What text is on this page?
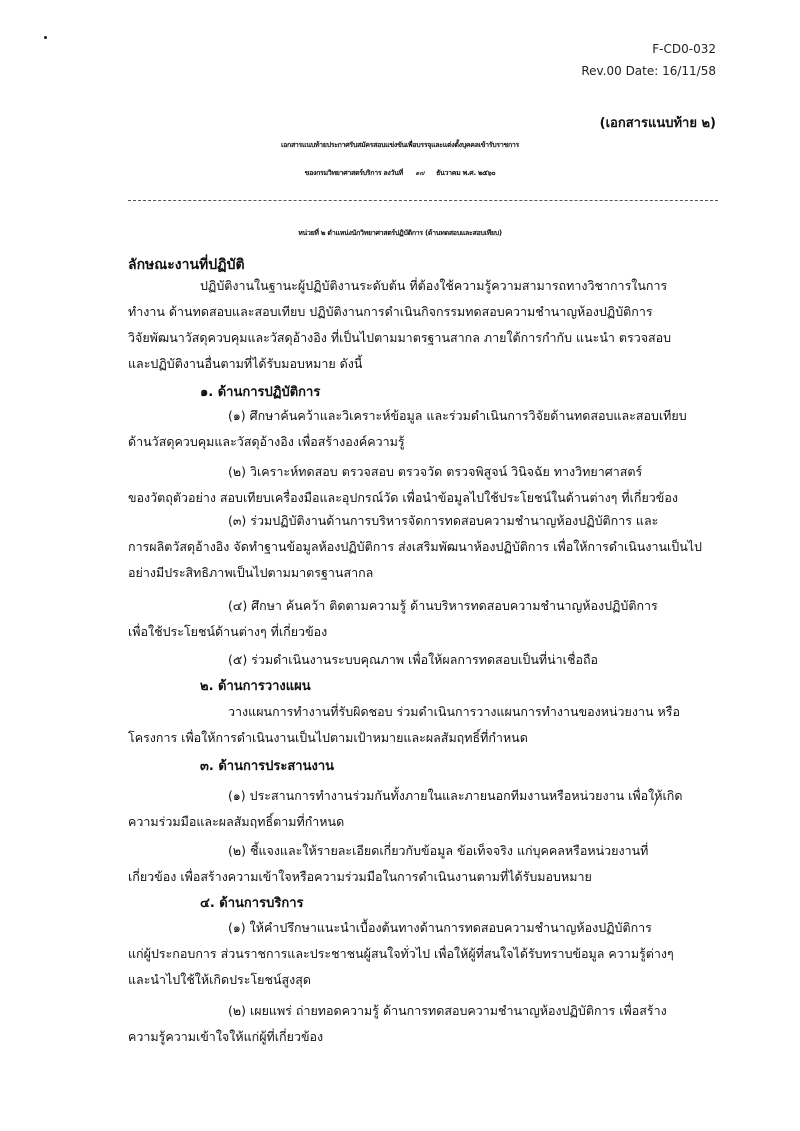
F-CD0-032
Rev.00 Date: 16/11/58
(เอกสารแนบท้าย ๒)
เอกสารแนบท้ายประกาศรับสมัครสอบแข่งขันเพื่อบรรจุและแต่งตั้งบุคคลเข้ารับราชการ
ของกรมวิทยาศาสตร์บริการ ลงวันที่ ๑๗ ธันวาคม พ.ศ. ๒๕๖๐
หน่วยที่ ๒ ตำแหน่งนักวิทยาศาสตร์ปฏิบัติการ (ด้านทดสอบและสอบเทียบ)
ลักษณะงานที่ปฏิบัติ
ปฏิบัติงานในฐานะผู้ปฏิบัติงานระดับต้น ที่ต้องใช้ความรู้ความสามารถทางวิชาการในการ
ทำงาน ด้านทดสอบและสอบเทียบ ปฏิบัติงานการดำเนินกิจกรรมทดสอบความชำนาญห้องปฏิบัติการ
วิจัยพัฒนาวัสดุควบคุมและวัสดุอ้างอิง ที่เป็นไปตามมาตรฐานสากล ภายใต้การกำกับ แนะนำ ตรวจสอบ
และปฏิบัติงานอื่นตามที่ได้รับมอบหมาย ดังนี้
๑. ด้านการปฏิบัติการ
(๑) ศึกษาค้นคว้าและวิเคราะห์ข้อมูล และร่วมดำเนินการวิจัยด้านทดสอบและสอบเทียบ
ด้านวัสดุควบคุมและวัสดุอ้างอิง เพื่อสร้างองค์ความรู้
(๒) วิเคราะห์ทดสอบ ตรวจสอบ ตรวจวัด ตรวจพิสูจน์ วินิจฉัย ทางวิทยาศาสตร์
ของวัตถุตัวอย่าง สอบเทียบเครื่องมือและอุปกรณ์วัด เพื่อนำข้อมูลไปใช้ประโยชน์ในด้านต่างๆ ที่เกี่ยวข้อง
(๓) ร่วมปฏิบัติงานด้านการบริหารจัดการทดสอบความชำนาญห้องปฏิบัติการ และ
การผลิตวัสดุอ้างอิง จัดทำฐานข้อมูลห้องปฏิบัติการ ส่งเสริมพัฒนาห้องปฏิบัติการ เพื่อให้การดำเนินงานเป็นไป
อย่างมีประสิทธิภาพเป็นไปตามมาตรฐานสากล
(๔) ศึกษา ค้นคว้า ติดตามความรู้ ด้านบริหารทดสอบความชำนาญห้องปฏิบัติการ
เพื่อใช้ประโยชน์ด้านต่างๆ ที่เกี่ยวข้อง
(๕) ร่วมดำเนินงานระบบคุณภาพ เพื่อให้ผลการทดสอบเป็นที่น่าเชื่อถือ
๒. ด้านการวางแผน
วางแผนการทำงานที่รับผิดชอบ ร่วมดำเนินการวางแผนการทำงานของหน่วยงาน หรือ
โครงการ เพื่อให้การดำเนินงานเป็นไปตามเป้าหมายและผลสัมฤทธิ์ที่กำหนด
๓. ด้านการประสานงาน
(๑) ประสานการทำงานร่วมกันทั้งภายในและภายนอกทีมงานหรือหน่วยงาน เพื่อให้เกิด
ความร่วมมือและผลสัมฤทธิ์ตามที่กำหนด
(๒) ชี้แจงและให้รายละเอียดเกี่ยวกับข้อมูล ข้อเท็จจริง แก่บุคคลหรือหน่วยงานที่
เกี่ยวข้อง เพื่อสร้างความเข้าใจหรือความร่วมมือในการดำเนินงานตามที่ได้รับมอบหมาย
๔. ด้านการบริการ
(๑) ให้คำปรึกษาแนะนำเบื้องต้นทางด้านการทดสอบความชำนาญห้องปฏิบัติการ
แก่ผู้ประกอบการ ส่วนราชการและประชาชนผู้สนใจทั่วไป เพื่อให้ผู้ที่สนใจได้รับทราบข้อมูล ความรู้ต่างๆ
และนำไปใช้ให้เกิดประโยชน์สูงสุด
(๒) เผยแพร่ ถ่ายทอดความรู้ ด้านการทดสอบความชำนาญห้องปฏิบัติการ เพื่อสร้าง
ความรู้ความเข้าใจให้แก่ผู้ที่เกี่ยวข้อง
